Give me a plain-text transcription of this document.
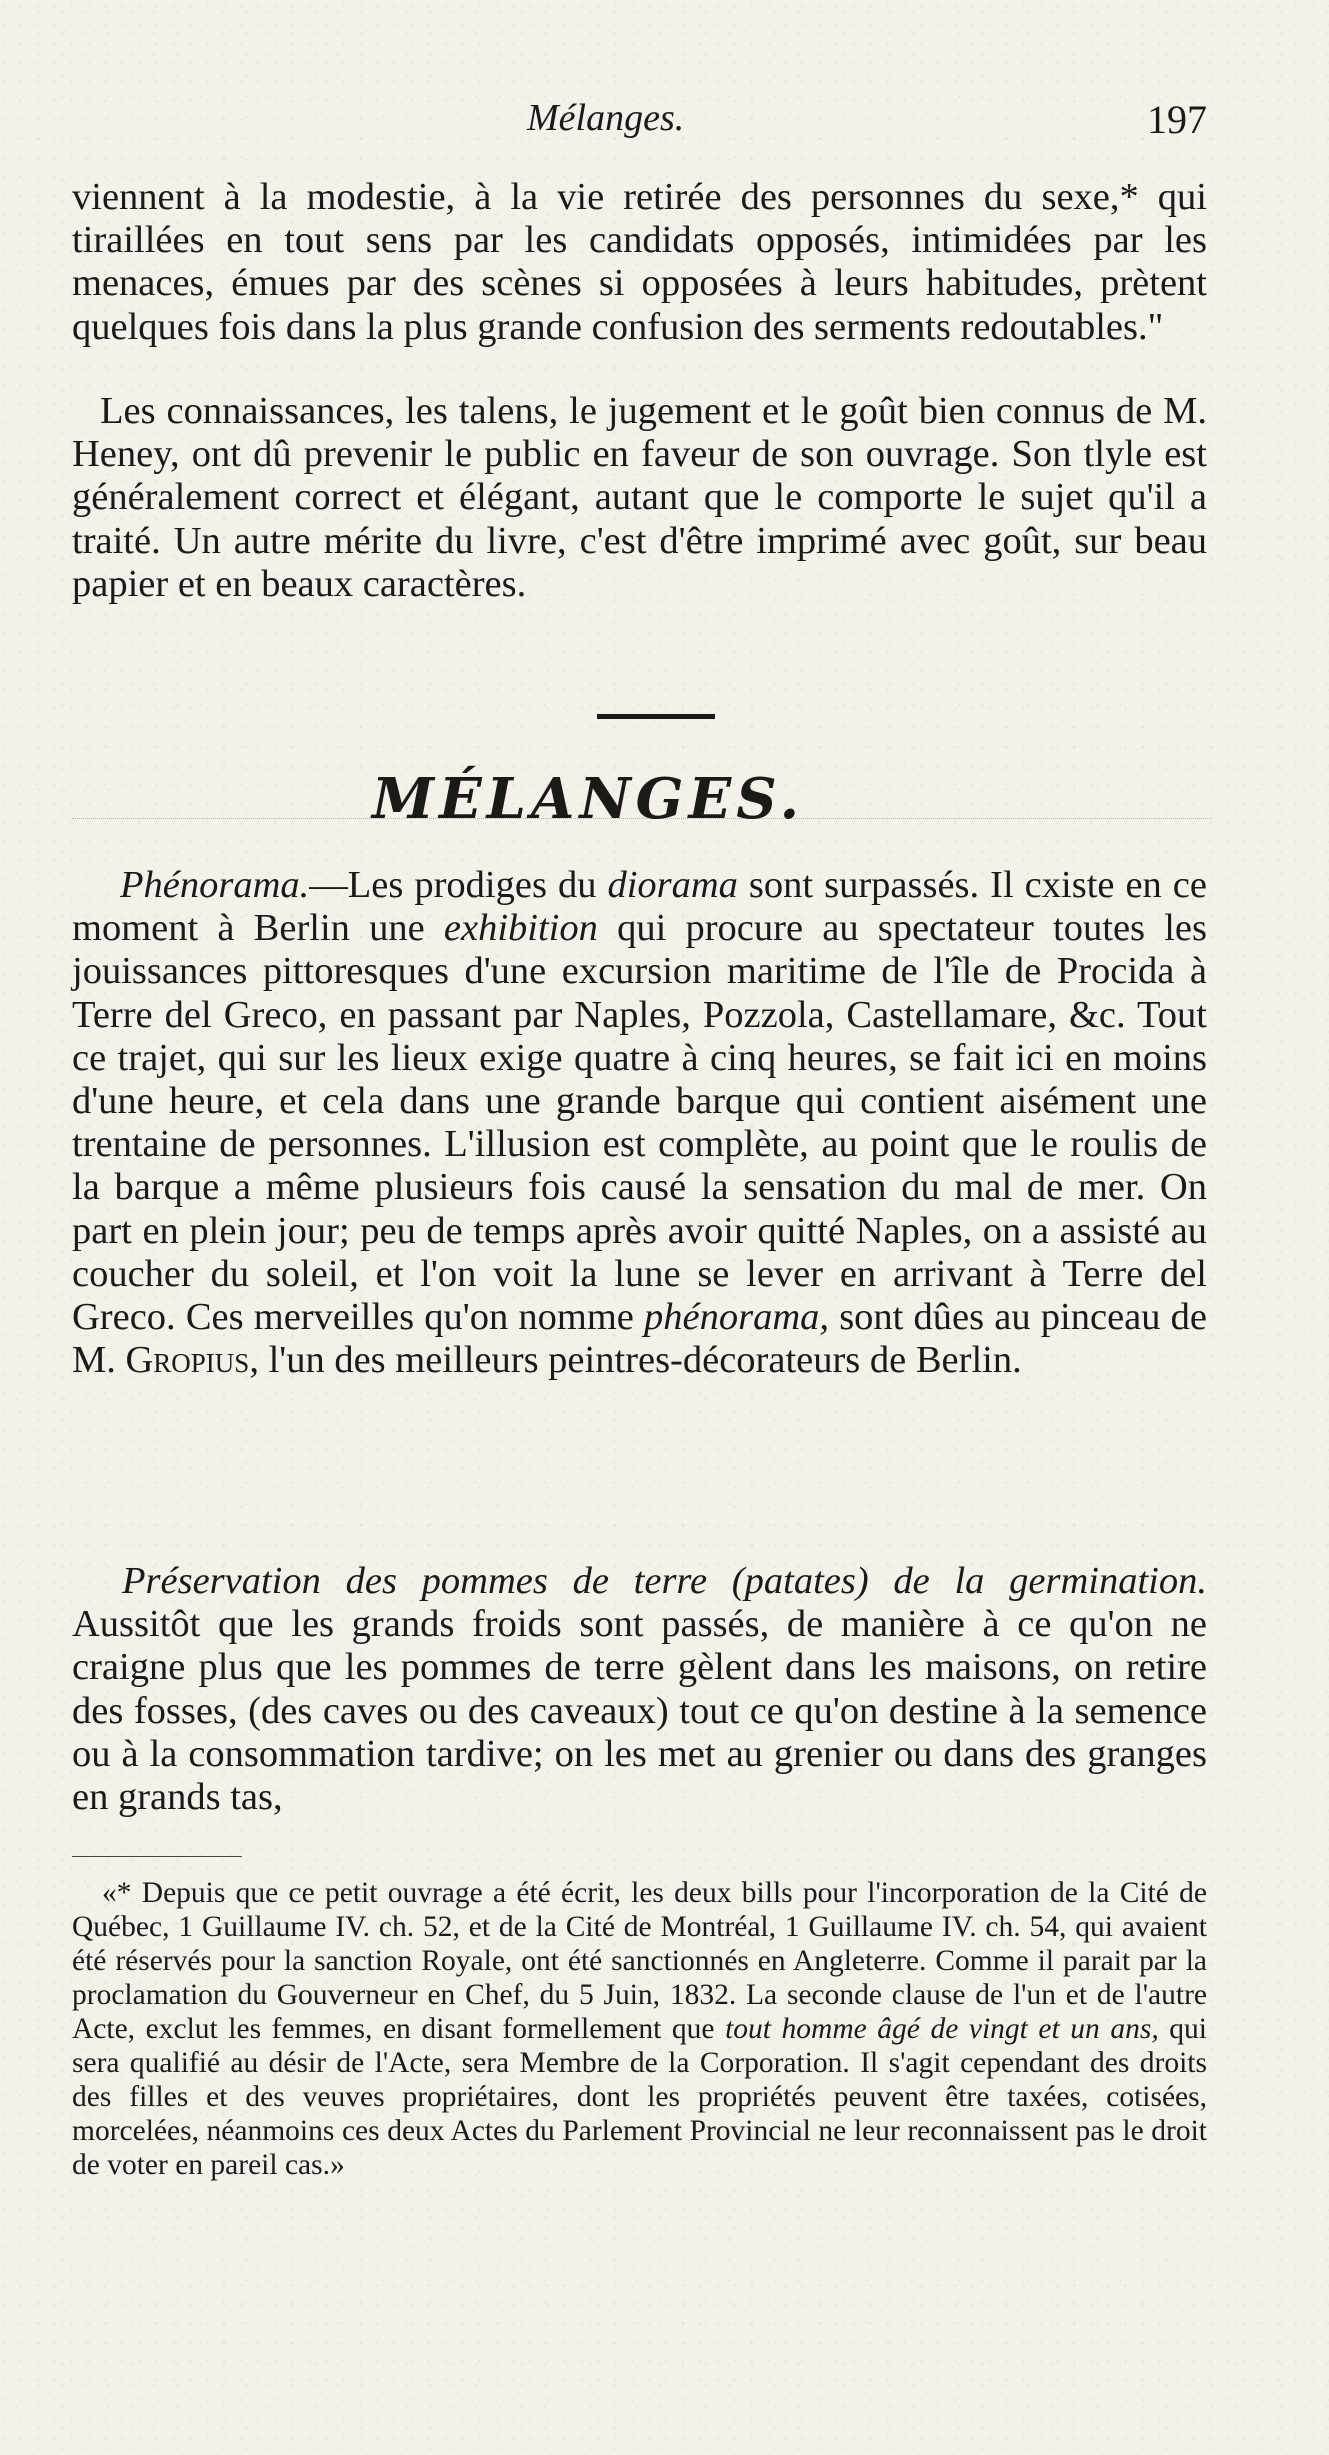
Mélanges.	197
viennent à la modestie, à la vie retirée des personnes du sexe,* qui tiraillées en tout sens par les candidats opposés, intimidées par les menaces, émues par des scènes si opposées à leurs habitudes, prètent quelques fois dans la plus grande confusion des serments redoutables."
Les connaissances, les talens, le jugement et le goût bien connus de M. Heney, ont dû prevenir le public en faveur de son ouvrage. Son tlyle est généralement correct et élégant, autant que le comporte le sujet qu'il a traité. Un autre mérite du livre, c'est d'être imprimé avec goût, sur beau papier et en beaux caractères.
MÉLANGES.
Phénorama.—Les prodiges du diorama sont surpassés. Il cxiste en ce moment à Berlin une exhibition qui procure au spectateur toutes les jouissances pittoresques d'une excursion maritime de l'île de Procida à Terre del Greco, en passant par Naples, Pozzola, Castellamare, &c. Tout ce trajet, qui sur les lieux exige quatre à cinq heures, se fait ici en moins d'une heure, et cela dans une grande barque qui contient aisément une trentaine de personnes. L'illusion est complète, au point que le roulis de la barque a même plusieurs fois causé la sensation du mal de mer. On part en plein jour; peu de temps après avoir quitté Naples, on a assisté au coucher du soleil, et l'on voit la lune se lever en arrivant à Terre del Greco. Ces merveilles qu'on nomme phénorama, sont dûes au pinceau de M. Gropius, l'un des meilleurs peintres-décorateurs de Berlin.
Préservation des pommes de terre (patates) de la germination. Aussitôt que les grands froids sont passés, de manière à ce qu'on ne craigne plus que les pommes de terre gèlent dans les maisons, on retire des fosses, (des caves ou des caveaux) tout ce qu'on destine à la semence ou à la consommation tardive; on les met au grenier ou dans des granges en grands tas,
«* Depuis que ce petit ouvrage a été écrit, les deux bills pour l'incorporation de la Cité de Québec, 1 Guillaume IV. ch. 52, et de la Cité de Montréal, 1 Guillaume IV. ch. 54, qui avaient été réservés pour la sanction Royale, ont été sanctionnés en Angleterre. Comme il parait par la proclamation du Gouverneur en Chef, du 5 Juin, 1832. La seconde clause de l'un et de l'autre Acte, exclut les femmes, en disant formellement que tout homme âgé de vingt et un ans, qui sera qualifié au désir de l'Acte, sera Membre de la Corporation. Il s'agit cependant des droits des filles et des veuves propriétaires, dont les propriétés peuvent être taxées, cotisées, morcelées, néanmoins ces deux Actes du Parlement Provincial ne leur reconnaissent pas le droit de voter en pareil cas.»
